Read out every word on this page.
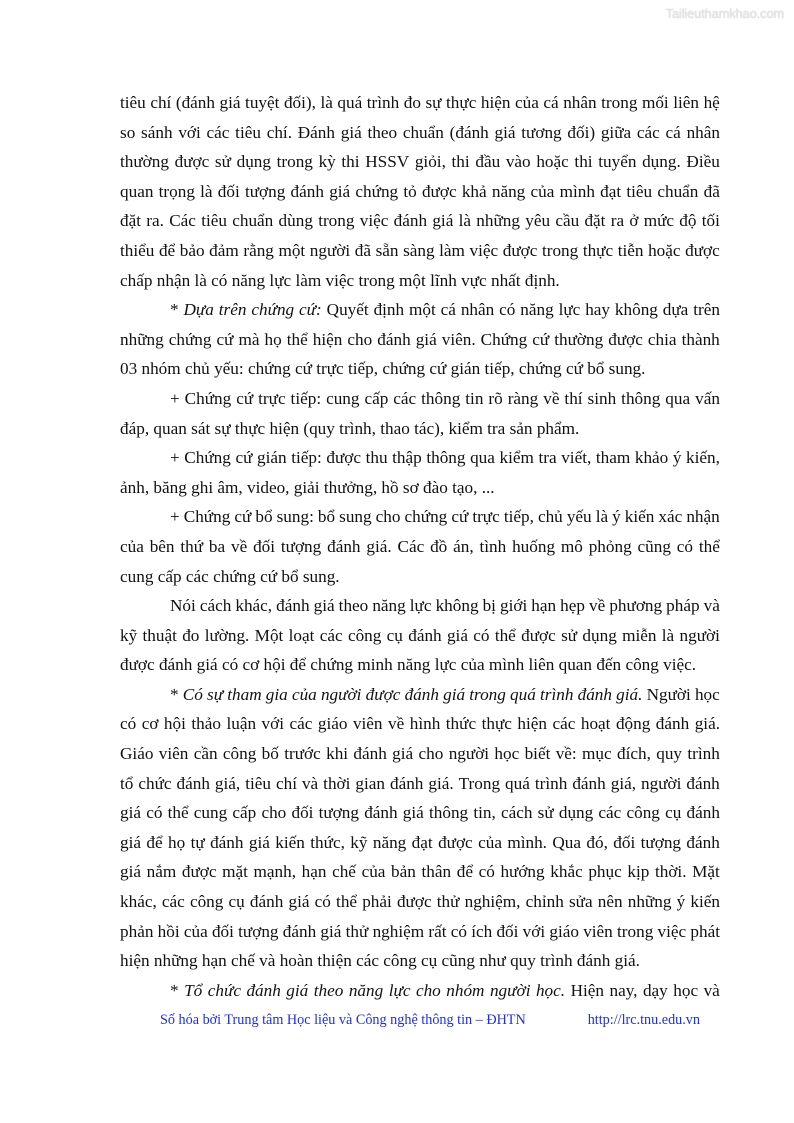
Tailieuthamkhao.com
tiêu chí (đánh giá tuyệt đối), là quá trình đo sự thực hiện của cá nhân trong mối liên hệ
so sánh với các tiêu chí. Đánh giá theo chuẩn (đánh giá tương đối) giữa các cá nhân
thường được sử dụng trong kỳ thi HSSV giỏi, thi đầu vào hoặc thi tuyển dụng. Điều
quan trọng là đối tượng đánh giá chứng tỏ được khả năng của mình đạt tiêu chuẩn đã
đặt ra. Các tiêu chuẩn dùng trong việc đánh giá là những yêu cầu đặt ra ở mức độ tối
thiểu để bảo đảm rằng một người đã sẵn sàng làm việc được trong thực tiễn hoặc được
chấp nhận là có năng lực làm việc trong một lĩnh vực nhất định.
* Dựa trên chứng cứ: Quyết định một cá nhân có năng lực hay không dựa trên
những chứng cứ mà họ thể hiện cho đánh giá viên. Chứng cứ thường được chia thành
03 nhóm chủ yếu: chứng cứ trực tiếp, chứng cứ gián tiếp, chứng cứ bổ sung.
+ Chứng cứ trực tiếp: cung cấp các thông tin rõ ràng về thí sinh thông qua vấn
đáp, quan sát sự thực hiện (quy trình, thao tác), kiểm tra sản phẩm.
+ Chứng cứ gián tiếp: được thu thập thông qua kiểm tra viết, tham khảo ý kiến,
ảnh, băng ghi âm, video, giải thưởng, hồ sơ đào tạo, ...
+ Chứng cứ bổ sung: bổ sung cho chứng cứ trực tiếp, chủ yếu là ý kiến xác nhận
của bên thứ ba về đối tượng đánh giá. Các đồ án, tình huống mô phỏng cũng có thể
cung cấp các chứng cứ bổ sung.
Nói cách khác, đánh giá theo năng lực không bị giới hạn hẹp về phương pháp và
kỹ thuật đo lường. Một loạt các công cụ đánh giá có thể được sử dụng miễn là người
được đánh giá có cơ hội để chứng minh năng lực của mình liên quan đến công việc.
* Có sự tham gia của người được đánh giá trong quá trình đánh giá. Người học
có cơ hội thảo luận với các giáo viên về hình thức thực hiện các hoạt động đánh giá.
Giáo viên cần công bố trước khi đánh giá cho người học biết về: mục đích, quy trình
tổ chức đánh giá, tiêu chí và thời gian đánh giá. Trong quá trình đánh giá, người đánh
giá có thể cung cấp cho đối tượng đánh giá thông tin, cách sử dụng các công cụ đánh
giá để họ tự đánh giá kiến thức, kỹ năng đạt được của mình. Qua đó, đối tượng đánh
giá nắm được mặt mạnh, hạn chế của bản thân để có hướng khắc phục kịp thời. Mặt
khác, các công cụ đánh giá có thể phải được thử nghiệm, chỉnh sửa nên những ý kiến
phản hồi của đối tượng đánh giá thử nghiệm rất có ích đối với giáo viên trong việc phát
hiện những hạn chế và hoàn thiện các công cụ cũng như quy trình đánh giá.
* Tổ chức đánh giá theo năng lực cho nhóm người học. Hiện nay, dạy học và
Số hóa bởi Trung tâm Học liệu và Công nghệ thông tin – ĐHTN	http://lrc.tnu.edu.vn
